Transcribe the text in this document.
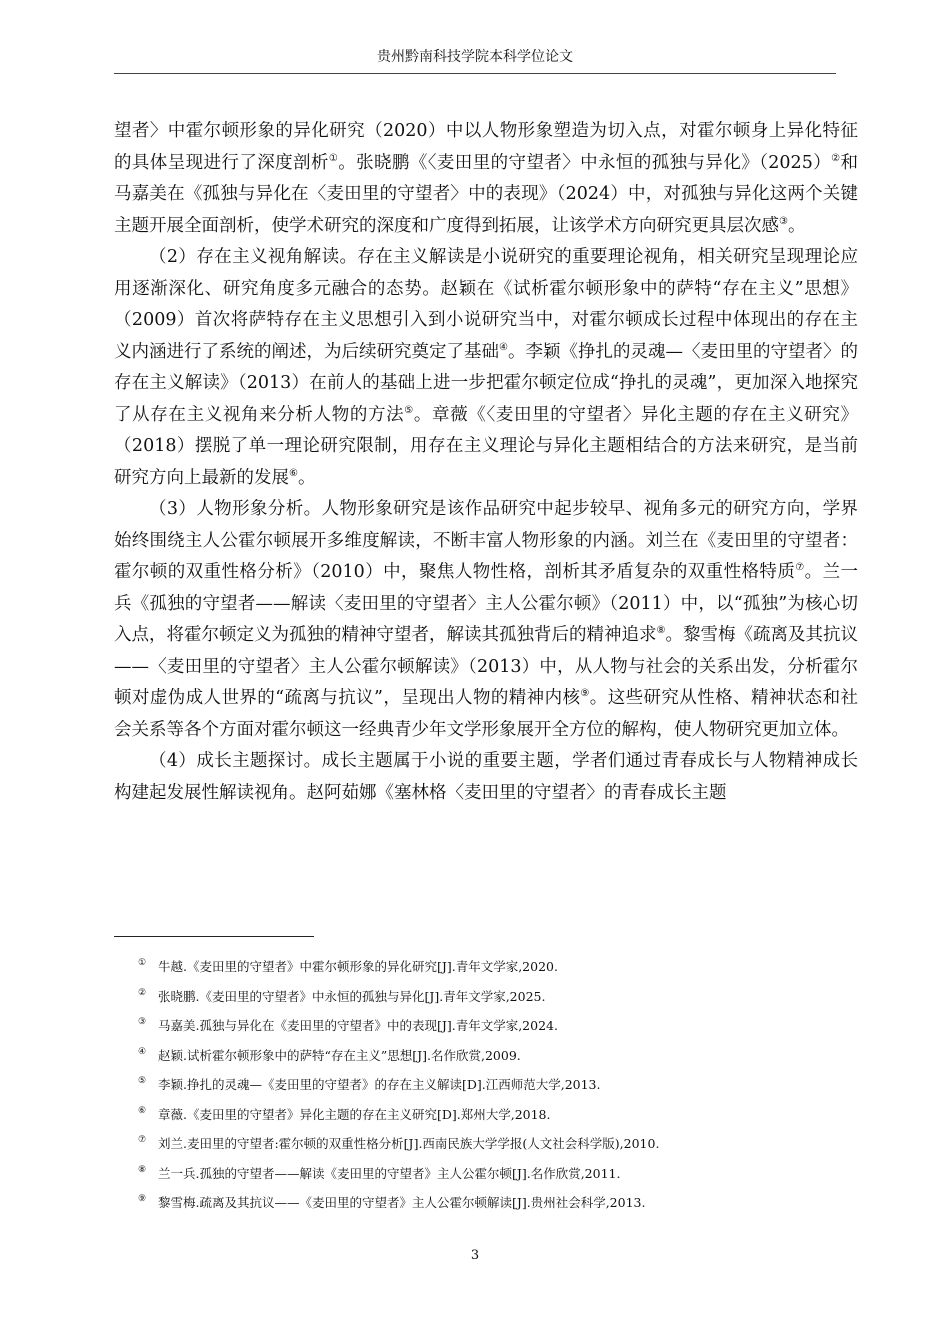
贵州黔南科技学院本科学位论文

望者〉中霍尔顿形象的异化研究（2020）中以人物形象塑造为切入点，对霍尔顿身上异化特征的具体呈现进行了深度剖析①。张晓鹏《〈麦田里的守望者〉中永恒的孤独与异化》（2025）②和马嘉美在《孤独与异化在〈麦田里的守望者〉中的表现》（2024）中，对孤独与异化这两个关键主题开展全面剖析，使学术研究的深度和广度得到拓展，让该学术方向研究更具层次感③。

（2）存在主义视角解读。存在主义解读是小说研究的重要理论视角，相关研究呈现理论应用逐渐深化、研究角度多元融合的态势。赵颖在《试析霍尔顿形象中的萨特“存在主义”思想》（2009）首次将萨特存在主义思想引入到小说研究当中，对霍尔顿成长过程中体现出的存在主义内涵进行了系统的阐述，为后续研究奠定了基础④。李颖《挣扎的灵魂—〈麦田里的守望者〉的存在主义解读》（2013）在前人的基础上进一步把霍尔顿定位成“挣扎的灵魂”，更加深入地探究了从存在主义视角来分析人物的方法⑤。章薇《〈麦田里的守望者〉异化主题的存在主义研究》（2018）摆脱了单一理论研究限制，用存在主义理论与异化主题相结合的方法来研究，是当前研究方向上最新的发展⑥。

（3）人物形象分析。人物形象研究是该作品研究中起步较早、视角多元的研究方向，学界始终围绕主人公霍尔顿展开多维度解读，不断丰富人物形象的内涵。刘兰在《麦田里的守望者：霍尔顿的双重性格分析》（2010）中，聚焦人物性格，剖析其矛盾复杂的双重性格特质⑦。兰一兵《孤独的守望者——解读〈麦田里的守望者〉主人公霍尔顿》（2011）中，以“孤独”为核心切入点，将霍尔顿定义为孤独的精神守望者，解读其孤独背后的精神追求⑧。黎雪梅《疏离及其抗议——〈麦田里的守望者〉主人公霍尔顿解读》（2013）中，从人物与社会的关系出发，分析霍尔顿对虚伪成人世界的“疏离与抗议”，呈现出人物的精神内核⑨。这些研究从性格、精神状态和社会关系等各个方面对霍尔顿这一经典青少年文学形象展开全方位的解构，使人物研究更加立体。

（4）成长主题探讨。成长主题属于小说的重要主题，学者们通过青春成长与人物精神成长构建起发展性解读视角。赵阿茹娜《塞林格〈麦田里的守望者〉的青春成长主题

① 牛越.《麦田里的守望者》中霍尔顿形象的异化研究[J].青年文学家,2020.
② 张晓鹏.《麦田里的守望者》中永恒的孤独与异化[J].青年文学家,2025.
③ 马嘉美.孤独与异化在《麦田里的守望者》中的表现[J].青年文学家,2024.
④ 赵颖.试析霍尔顿形象中的萨特“存在主义”思想[J].名作欣赏,2009.
⑤ 李颖.挣扎的灵魂—《麦田里的守望者》的存在主义解读[D].江西师范大学,2013.
⑥ 章薇.《麦田里的守望者》异化主题的存在主义研究[D].郑州大学,2018.
⑦ 刘兰.麦田里的守望者:霍尔顿的双重性格分析[J].西南民族大学学报(人文社会科学版),2010.
⑧ 兰一兵.孤独的守望者——解读《麦田里的守望者》主人公霍尔顿[J].名作欣赏,2011.
⑨ 黎雪梅.疏离及其抗议——《麦田里的守望者》主人公霍尔顿解读[J].贵州社会科学,2013.
3
